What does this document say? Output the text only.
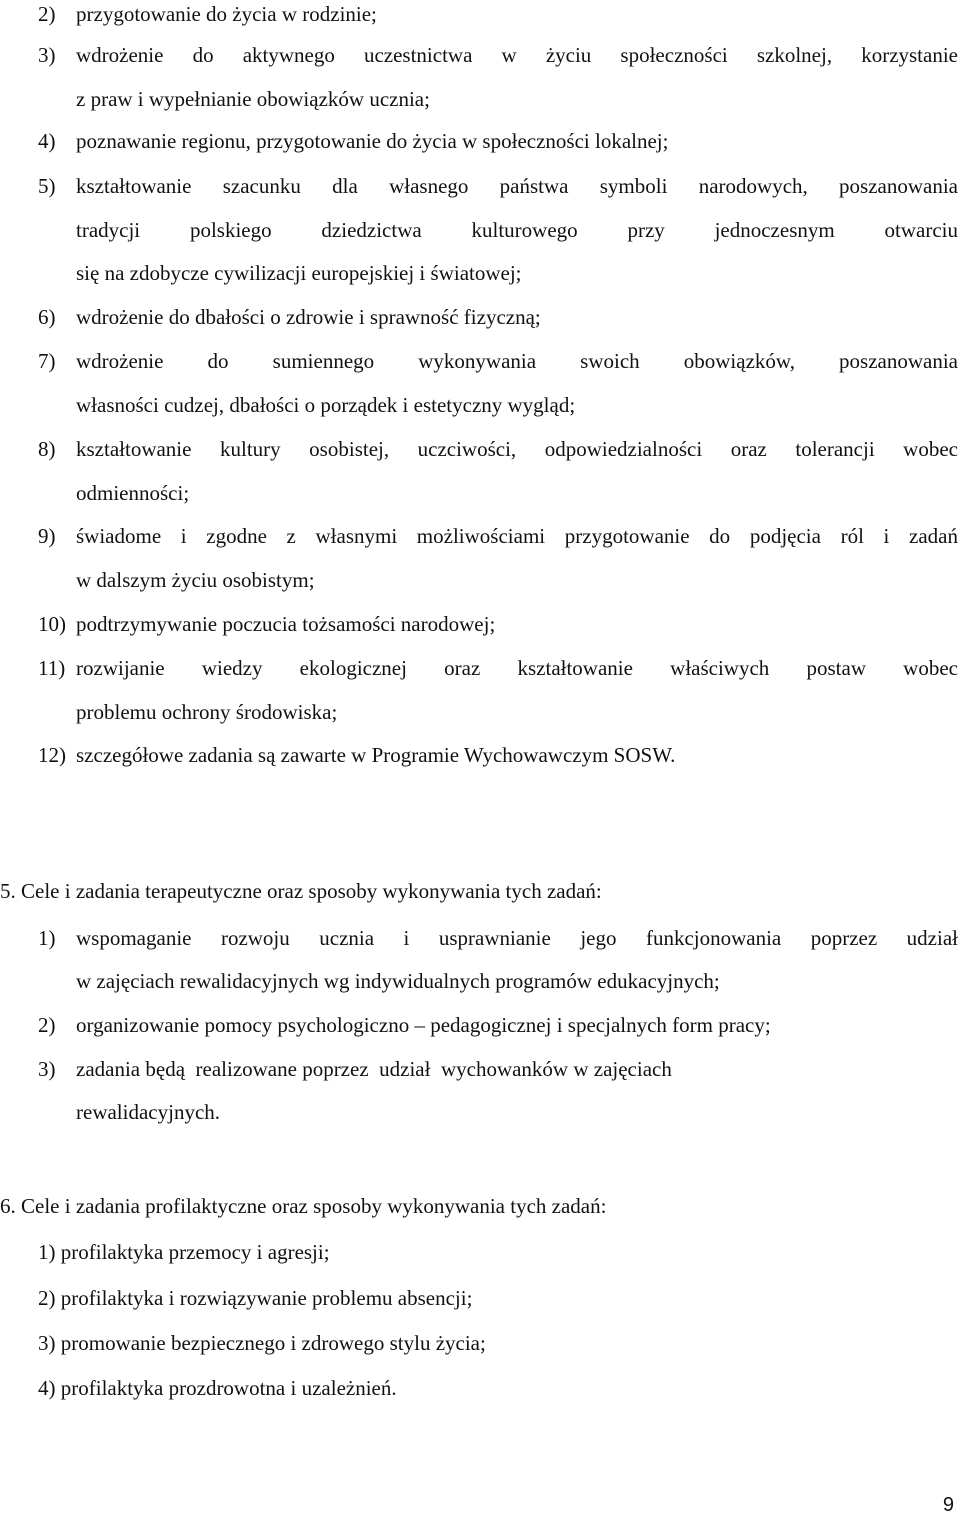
2) przygotowanie do życia w rodzinie;
3) wdrożenie do aktywnego uczestnictwa w życiu społeczności szkolnej, korzystanie
z praw i wypełnianie obowiązków ucznia;
4) poznawanie regionu, przygotowanie do życia w społeczności lokalnej;
5) kształtowanie szacunku dla własnego państwa symboli narodowych, poszanowania
tradycji polskiego dziedzictwa kulturowego przy jednoczesnym otwarciu
się na zdobycze cywilizacji europejskiej i światowej;
6) wdrożenie do dbałości o zdrowie i sprawność fizyczną;
7) wdrożenie do sumiennego wykonywania swoich obowiązków, poszanowania
własności cudzej, dbałości o porządek i estetyczny wygląd;
8) kształtowanie kultury osobistej, uczciwości, odpowiedzialności oraz tolerancji wobec
odmienności;
9) świadome i zgodne z własnymi możliwościami przygotowanie do podjęcia ról i zadań
w dalszym życiu osobistym;
10) podtrzymywanie poczucia tożsamości narodowej;
11) rozwijanie wiedzy ekologicznej oraz kształtowanie właściwych postaw wobec
problemu ochrony środowiska;
12) szczegółowe zadania są zawarte w Programie Wychowawczym SOSW.
5. Cele i zadania terapeutyczne oraz sposoby wykonywania tych zadań:
1) wspomaganie rozwoju ucznia i usprawnianie jego funkcjonowania poprzez udział
w zajęciach rewalidacyjnych wg indywidualnych programów edukacyjnych;
2) organizowanie pomocy psychologiczno – pedagogicznej i specjalnych form pracy;
3) zadania będą  realizowane poprzez  udział  wychowanków w zajęciach
rewalidacyjnych.
6. Cele i zadania profilaktyczne oraz sposoby wykonywania tych zadań:
1) profilaktyka przemocy i agresji;
2) profilaktyka i rozwiązywanie problemu absencji;
3) promowanie bezpiecznego i zdrowego stylu życia;
4) profilaktyka prozdrowotna i uzależnień.
9
